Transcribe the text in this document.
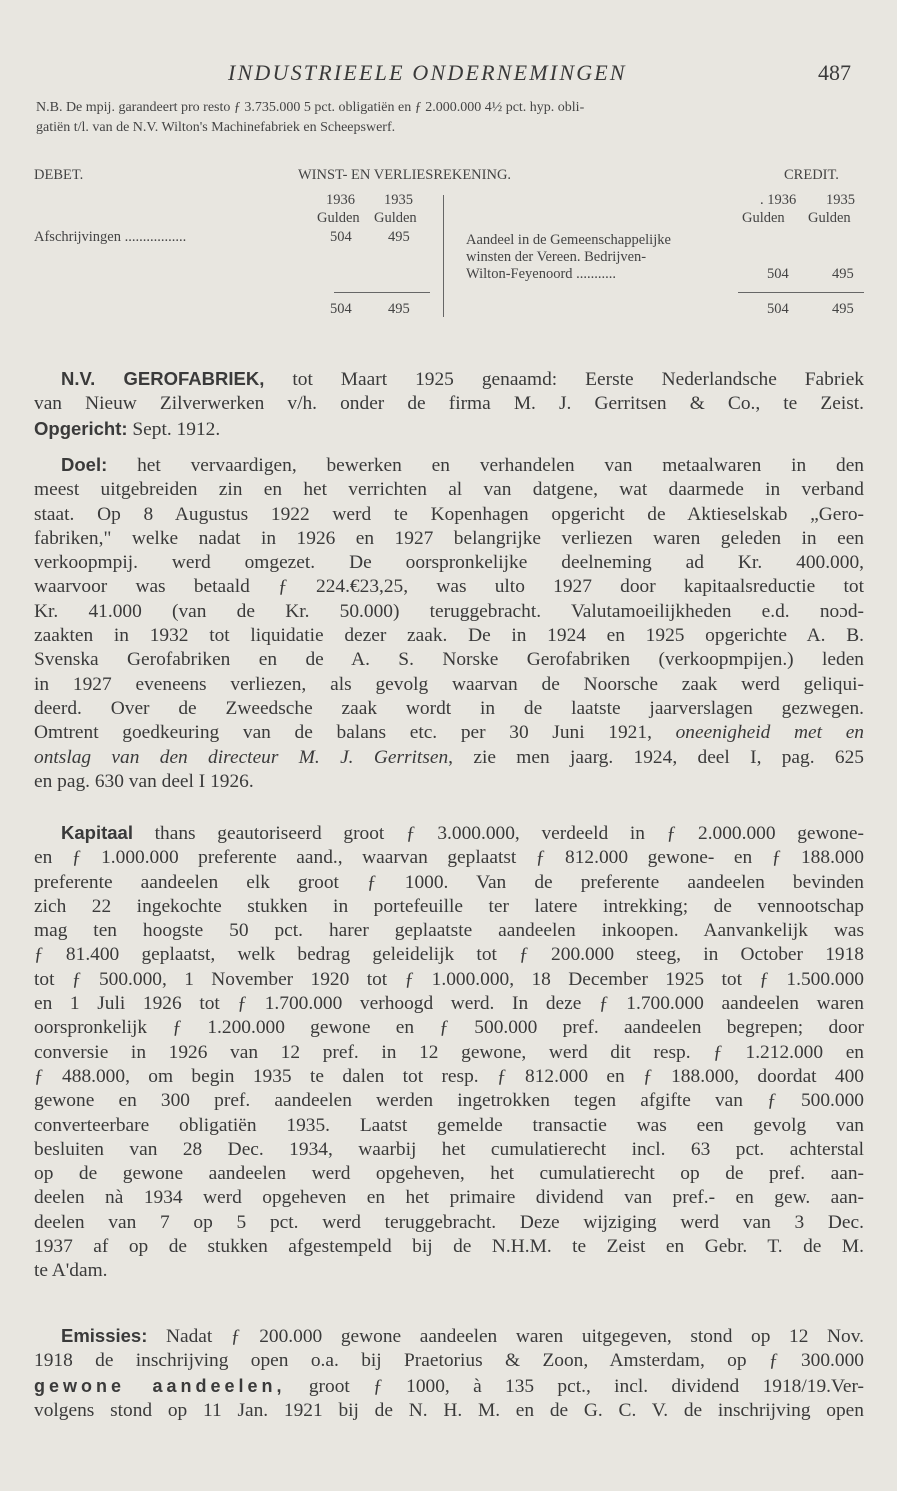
INDUSTRIEELE ONDERNEMINGEN	487
N.B. De mpij. garandeert pro resto ƒ 3.735.000 5 pct. obligatiën en ƒ 2.000.000 4½ pct. hyp. obli-
gatiën t/l. van de N.V. Wilton's Machinefabriek en Scheepswerf.
DEBET.	WINST- EN VERLIESREKENING.	CREDIT.
1936 1935
Gulden Gulden
Afschrijvingen .................	504	495
. 1936 1935
Gulden Gulden
Aandeel in de Gemeenschappelijke
winsten der Vereen. Bedrijven-
Wilton-Feyenoord ...........	504	495
504	495	504	495

N.V. GEROFABRIEK, tot Maart 1925 genaamd: Eerste Nederlandsche Fabriek

van Nieuw Zilverwerken v/h. onder de firma M. J. Gerritsen & Co., te Zeist.

Opgericht: Sept. 1912.

Doel: het vervaardigen, bewerken en verhandelen van metaalwaren in den

meest uitgebreiden zin en het verrichten al van datgene, wat daarmede in verband

staat. Op 8 Augustus 1922 werd te Kopenhagen opgericht de Aktieselskab „Gero-

fabriken," welke nadat in 1926 en 1927 belangrijke verliezen waren geleden in een

verkoopmpij. werd omgezet. De oorspronkelijke deelneming ad Kr. 400.000,

waarvoor was betaald ƒ 224.€23,25, was ulto 1927 door kapitaalsreductie tot

Kr. 41.000 (van de Kr. 50.000) teruggebracht. Valutamoeilijkheden e.d. noɔd-

zaakten in 1932 tot liquidatie dezer zaak. De in 1924 en 1925 opgerichte A. B.

Svenska Gerofabriken en de A. S. Norske Gerofabriken (verkoopmpijen.) leden

in 1927 eveneens verliezen, als gevolg waarvan de Noorsche zaak werd geliqui-

deerd. Over de Zweedsche zaak wordt in de laatste jaarverslagen gezwegen.

Omtrent goedkeuring van de balans etc. per 30 Juni 1921, oneenigheid met en

ontslag van den directeur M. J. Gerritsen, zie men jaarg. 1924, deel I, pag. 625

en pag. 630 van deel I 1926.

Kapitaal thans geautoriseerd groot ƒ 3.000.000, verdeeld in ƒ 2.000.000 gewone-

en ƒ 1.000.000 preferente aand., waarvan geplaatst ƒ 812.000 gewone- en ƒ 188.000

preferente aandeelen elk groot ƒ 1000. Van de preferente aandeelen bevinden

zich 22 ingekochte stukken in portefeuille ter latere intrekking; de vennootschap

mag ten hoogste 50 pct. harer geplaatste aandeelen inkoopen. Aanvankelijk was

ƒ 81.400 geplaatst, welk bedrag geleidelijk tot ƒ 200.000 steeg, in October 1918

tot ƒ 500.000, 1 November 1920 tot ƒ 1.000.000, 18 December 1925 tot ƒ 1.500.000

en 1 Juli 1926 tot ƒ 1.700.000 verhoogd werd. In deze ƒ 1.700.000 aandeelen waren

oorspronkelijk ƒ 1.200.000 gewone en ƒ 500.000 pref. aandeelen begrepen; door

conversie in 1926 van 12 pref. in 12 gewone, werd dit resp. ƒ 1.212.000 en

ƒ 488.000, om begin 1935 te dalen tot resp. ƒ 812.000 en ƒ 188.000, doordat 400

gewone en 300 pref. aandeelen werden ingetrokken tegen afgifte van ƒ 500.000

converteerbare obligatiën 1935. Laatst gemelde transactie was een gevolg van

besluiten van 28 Dec. 1934, waarbij het cumulatierecht incl. 63 pct. achterstal

op de gewone aandeelen werd opgeheven, het cumulatierecht op de pref. aan-

deelen nà 1934 werd opgeheven en het primaire dividend van pref.- en gew. aan-

deelen van 7 op 5 pct. werd teruggebracht. Deze wijziging werd van 3 Dec.

1937 af op de stukken afgestempeld bij de N.H.M. te Zeist en Gebr. T. de M.

te A'dam.

Emissies: Nadat ƒ 200.000 gewone aandeelen waren uitgegeven, stond op 12 Nov.

1918 de inschrijving open o.a. bij Praetorius & Zoon, Amsterdam, op ƒ 300.000

gewone aandeelen, groot ƒ 1000, à 135 pct., incl. dividend 1918/19.Ver-

volgens stond op 11 Jan. 1921 bij de N. H. M. en de G. C. V. de inschrijving open
